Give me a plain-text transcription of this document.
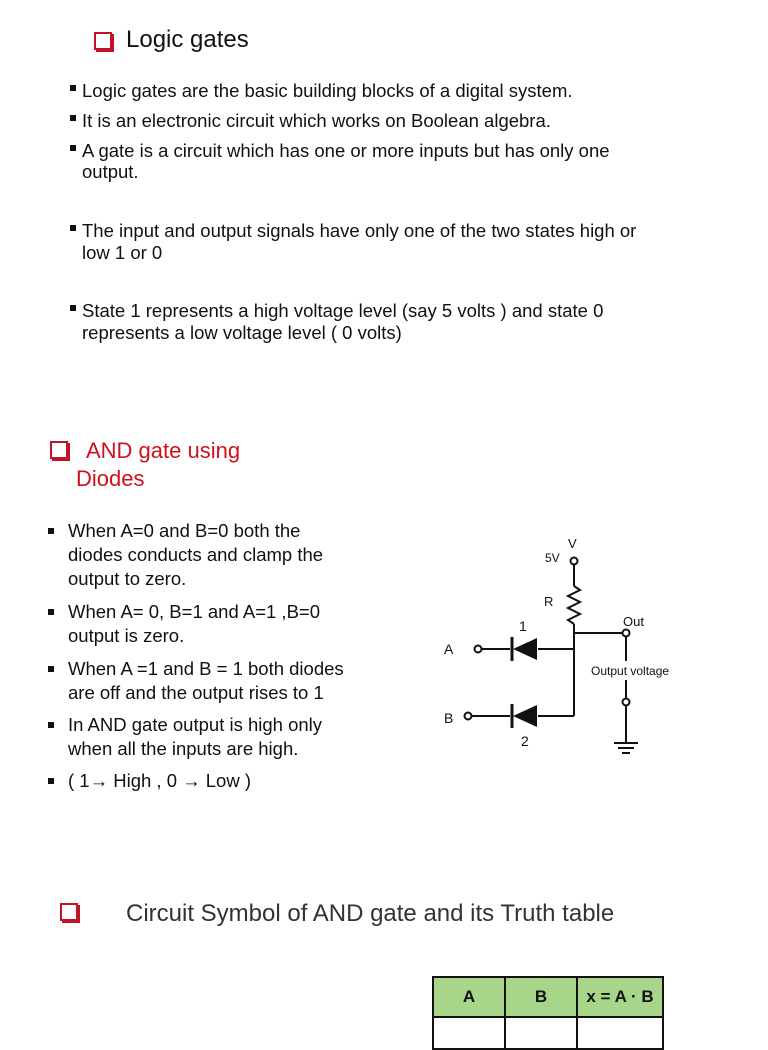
Logic gates
Logic gates are the basic building blocks of a digital system.
It is an electronic circuit which works on Boolean algebra.
A gate is a circuit which has one or more inputs but has only one
output.
The input and output signals have only one of the two states high or
low 1 or 0
State 1 represents a high voltage level (say 5 volts ) and state 0
represents a low voltage level ( 0 volts)
AND gate using
Diodes
When A=0 and B=0 both the
diodes conducts and clamp the
output to zero.
When A= 0, B=1 and A=1 ,B=0
output is zero.
When A =1 and B = 1 both diodes
are off and the output rises to 1
In AND gate output is high only
when all the inputs are high.
( 1→ High , 0 → Low )
V
5V
R
1
2
Out
A
B
Output voltage
Circuit Symbol of AND gate and its Truth table
A	B	x = A · B
